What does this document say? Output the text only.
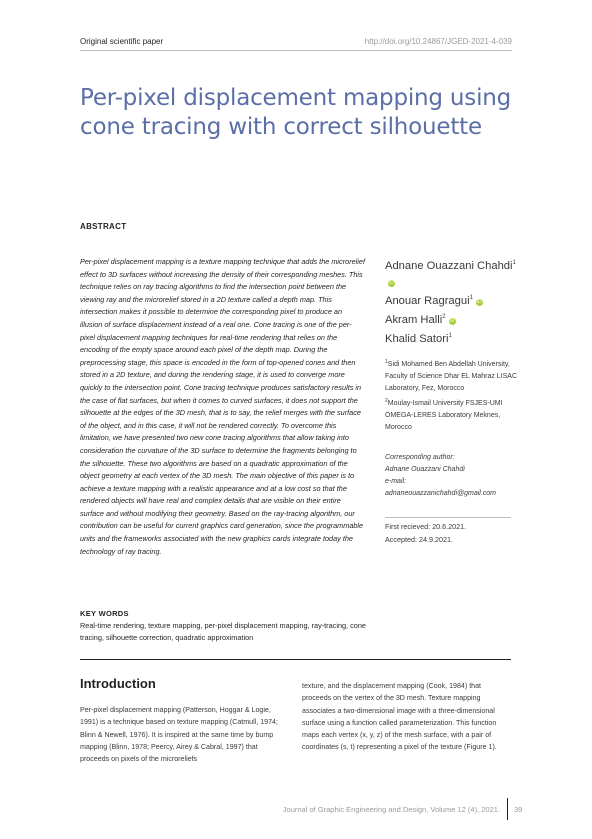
Original scientific paper	http://doi.org/10.24867/JGED-2021-4-039
Per-pixel displacement mapping using cone tracing with correct silhouette
ABSTRACT
Per-pixel displacement mapping is a texture mapping technique that adds the microrelief effect to 3D surfaces without increasing the density of their corresponding meshes. This technique relies on ray tracing algorithms to find the intersection point between the viewing ray and the microrelief stored in a 2D texture called a depth map. This intersection makes it possible to determine the corresponding pixel to produce an illusion of surface displacement instead of a real one. Cone tracing is one of the per-pixel displacement mapping techniques for real-time rendering that relies on the encoding of the empty space around each pixel of the depth map. During the preprocessing stage, this space is encoded in the form of top-opened cones and then stored in a 2D texture, and during the rendering stage, it is used to converge more quickly to the intersection point. Cone tracing technique produces satisfactory results in the case of flat surfaces, but when it comes to curved surfaces, it does not support the silhouette at the edges of the 3D mesh, that is to say, the relief merges with the surface of the object, and in this case, it will not be rendered correctly. To overcome this limitation, we have presented two new cone tracing algorithms that allow taking into consideration the curvature of the 3D surface to determine the fragments belonging to the silhouette. These two algorithms are based on a quadratic approximation of the object geometry at each vertex of the 3D mesh. The main objective of this paper is to achieve a texture mapping with a realistic appearance and at a low cost so that the rendered objects will have real and complex details that are visible on their entire surface and without modifying their geometry. Based on the ray-tracing algorithm, our contribution can be useful for current graphics card generation, since the programmable units and the frameworks associated with the new graphics cards integrate today the technology of ray tracing.
Adnane Ouazzani Chahdi$^1$iD
Anouar Ragragui$^1$iD
Akram Halli$^2$iD
Khalid Satori$^1$
$^1$Sidi Mohamed Ben Abdellah University, Faculty of Science Dhar EL Mahraz LISAC Laboratory, Fez, Morocco
$^2$Moulay-Ismail University FSJES-UMI OMEGA-LERES Laboratory Meknes, Morocco
Corresponding author:
Adnane Ouazzani Chahdi
e-mail:
adnaneouazzanichahdi@gmail.com
First recieved: 20.6.2021.
Accepted: 24.9.2021.
KEY WORDS
Real-time rendering, texture mapping, per-pixel displacement mapping, ray-tracing, cone tracing, silhouette correction, quadratic approximation
Introduction
Per-pixel displacement mapping (Patterson, Hoggar & Logie, 1991) is a technique based on texture mapping (Catmull, 1974; Blinn & Newell, 1976). It is inspired at the same time by bump mapping (Blinn, 1978; Peercy, Airey & Cabral, 1997) that proceeds on pixels of the microreliefs
texture, and the displacement mapping (Cook, 1984) that proceeds on the vertex of the 3D mesh. Texture mapping associates a two-dimensional image with a three-dimensional surface using a function called parameterization. This function maps each vertex (x, y, z) of the mesh surface, with a pair of coordinates (s, t) representing a pixel of the texture (Figure 1).
Journal of Graphic Engineering and Design, Volume 12 (4), 2021. 39
